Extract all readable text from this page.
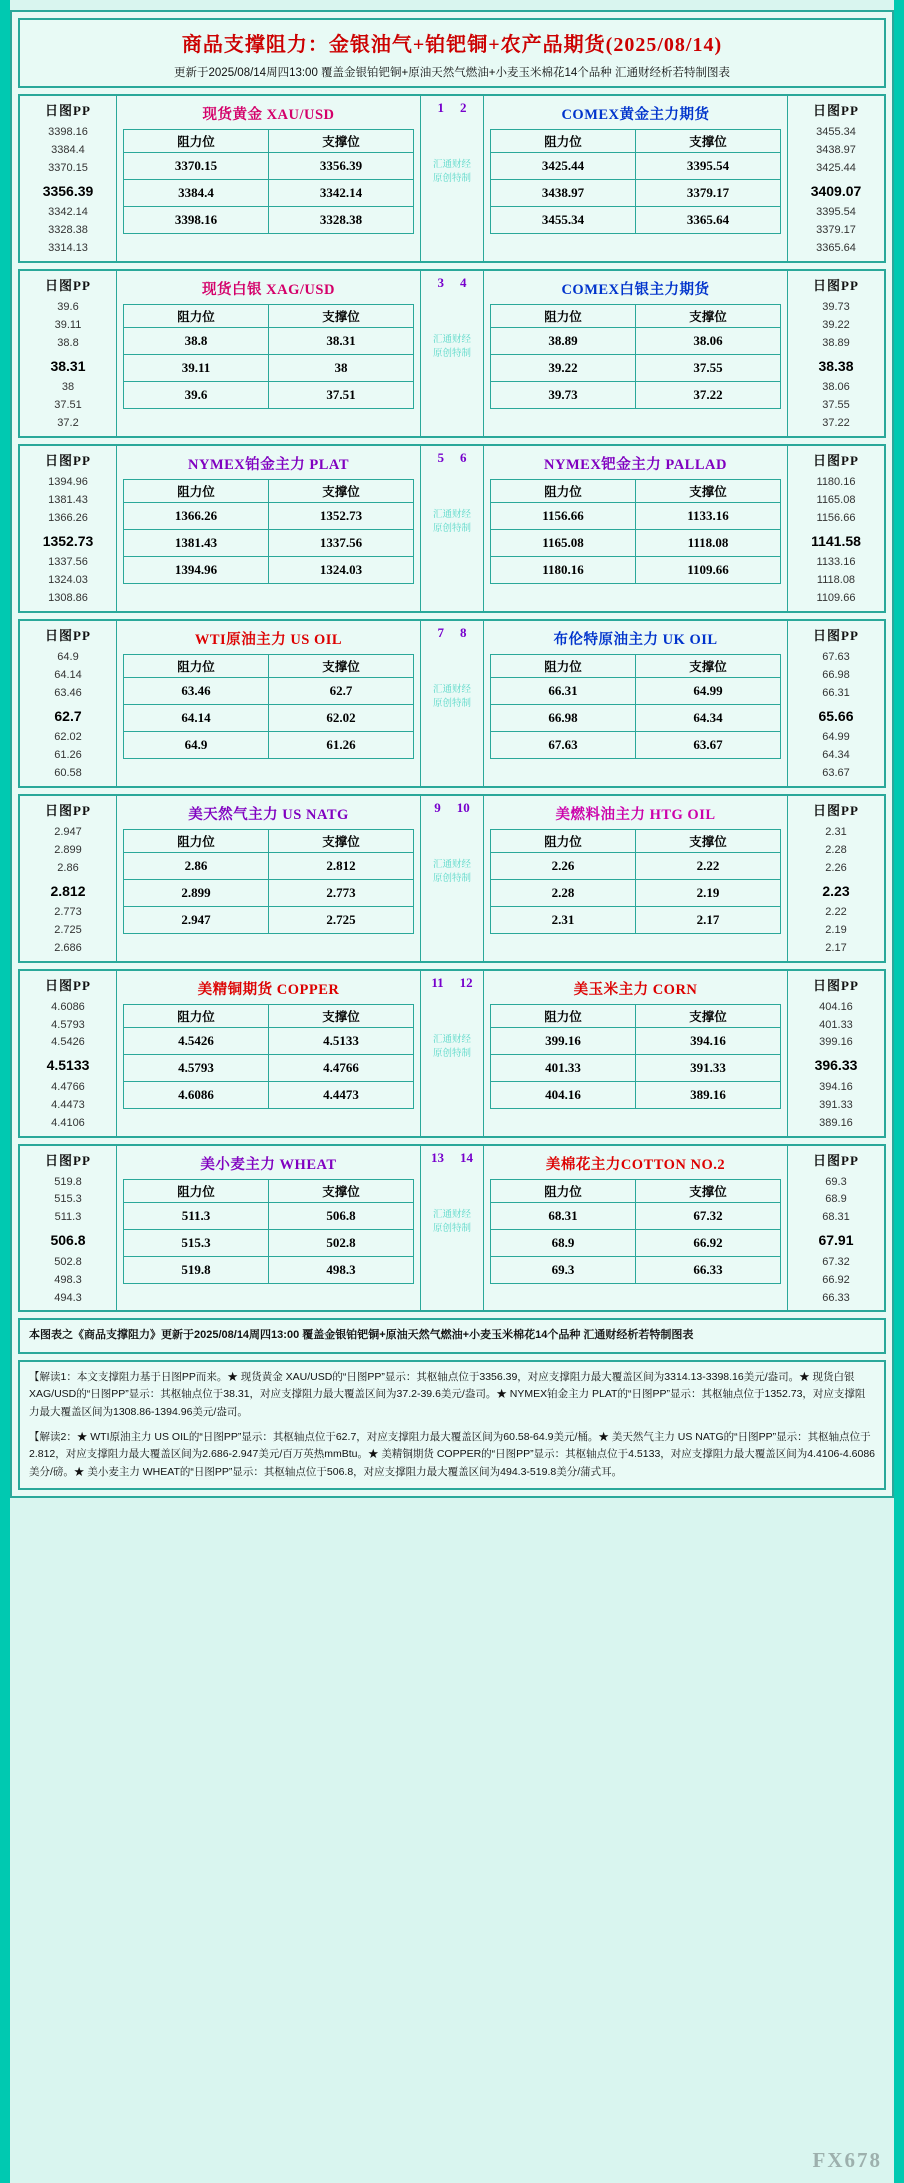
商品支撑阻力：金银油气+铂钯铜+农产品期货(2025/08/14)
更新于2025/08/14周四13:00 覆盖金银铂钯铜+原油天然气燃油+小麦玉米棉花14个品种 汇通财经析若特制图表
日图PP
3398.16
3384.4
3370.15
3356.39
3342.14
3328.38
3314.13
现货黄金 XAU/USD
阻力位	支撑位
3370.15	3356.39
3384.4	3342.14
3398.16	3328.38
1 2
汇通财经
原创特制
COMEX黄金主力期货
阻力位	支撑位
3425.44	3395.54
3438.97	3379.17
3455.34	3365.64
日图PP
3455.34
3438.97
3425.44
3409.07
3395.54
3379.17
3365.64
日图PP
39.6
39.11
38.8
38.31
38
37.51
37.2
现货白银 XAG/USD
阻力位	支撑位
38.8	38.31
39.11	38
39.6	37.51
3 4
汇通财经
原创特制
COMEX白银主力期货
阻力位	支撑位
38.89	38.06
39.22	37.55
39.73	37.22
日图PP
39.73
39.22
38.89
38.38
38.06
37.55
37.22
日图PP
1394.96
1381.43
1366.26
1352.73
1337.56
1324.03
1308.86
NYMEX铂金主力 PLAT
阻力位	支撑位
1366.26	1352.73
1381.43	1337.56
1394.96	1324.03
5 6
汇通财经
原创特制
NYMEX钯金主力 PALLAD
阻力位	支撑位
1156.66	1133.16
1165.08	1118.08
1180.16	1109.66
日图PP
1180.16
1165.08
1156.66
1141.58
1133.16
1118.08
1109.66
日图PP
64.9
64.14
63.46
62.7
62.02
61.26
60.58
WTI原油主力 US OIL
阻力位	支撑位
63.46	62.7
64.14	62.02
64.9	61.26
7 8
汇通财经
原创特制
布伦特原油主力 UK OIL
阻力位	支撑位
66.31	64.99
66.98	64.34
67.63	63.67
日图PP
67.63
66.98
66.31
65.66
64.99
64.34
63.67
日图PP
2.947
2.899
2.86
2.812
2.773
2.725
2.686
美天然气主力 US NATG
阻力位	支撑位
2.86	2.812
2.899	2.773
2.947	2.725
9 10
汇通财经
原创特制
美燃料油主力 HTG OIL
阻力位	支撑位
2.26	2.22
2.28	2.19
2.31	2.17
日图PP
2.31
2.28
2.26
2.23
2.22
2.19
2.17
日图PP
4.6086
4.5793
4.5426
4.5133
4.4766
4.4473
4.4106
美精铜期货 COPPER
阻力位	支撑位
4.5426	4.5133
4.5793	4.4766
4.6086	4.4473
11 12
汇通财经
原创特制
美玉米主力 CORN
阻力位	支撑位
399.16	394.16
401.33	391.33
404.16	389.16
日图PP
404.16
401.33
399.16
396.33
394.16
391.33
389.16
日图PP
519.8
515.3
511.3
506.8
502.8
498.3
494.3
美小麦主力 WHEAT
阻力位	支撑位
511.3	506.8
515.3	502.8
519.8	498.3
13 14
汇通财经
原创特制
美棉花主力COTTON NO.2
阻力位	支撑位
68.31	67.32
68.9	66.92
69.3	66.33
日图PP
69.3
68.9
68.31
67.91
67.32
66.92
66.33
本图表之《商品支撑阻力》更新于2025/08/14周四13:00 覆盖金银铂钯铜+原油天然气燃油+小麦玉米棉花14个品种 汇通财经析若特制图表

【解读1：本文支撑阻力基于日图PP而来。★ 现货黄金 XAU/USD的“日图PP”显示：其枢轴点位于3356.39，对应支撑阻力最大覆盖区间为3314.13-3398.16美元/盎司。★ 现货白银 XAG/USD的“日图PP”显示：其枢轴点位于38.31，对应支撑阻力最大覆盖区间为37.2-39.6美元/盎司。★ NYMEX铂金主力 PLAT的“日图PP”显示：其枢轴点位于1352.73，对应支撑阻力最大覆盖区间为1308.86-1394.96美元/盎司。

【解读2：★ WTI原油主力 US OIL的“日图PP”显示：其枢轴点位于62.7，对应支撑阻力最大覆盖区间为60.58-64.9美元/桶。★ 美天然气主力 US NATG的“日图PP”显示：其枢轴点位于2.812，对应支撑阻力最大覆盖区间为2.686-2.947美元/百万英热mmBtu。★ 美精铜期货 COPPER的“日图PP”显示：其枢轴点位于4.5133，对应支撑阻力最大覆盖区间为4.4106-4.6086美分/磅。★ 美小麦主力 WHEAT的“日图PP”显示：其枢轴点位于506.8，对应支撑阻力最大覆盖区间为494.3-519.8美分/蒲式耳。

FX678
